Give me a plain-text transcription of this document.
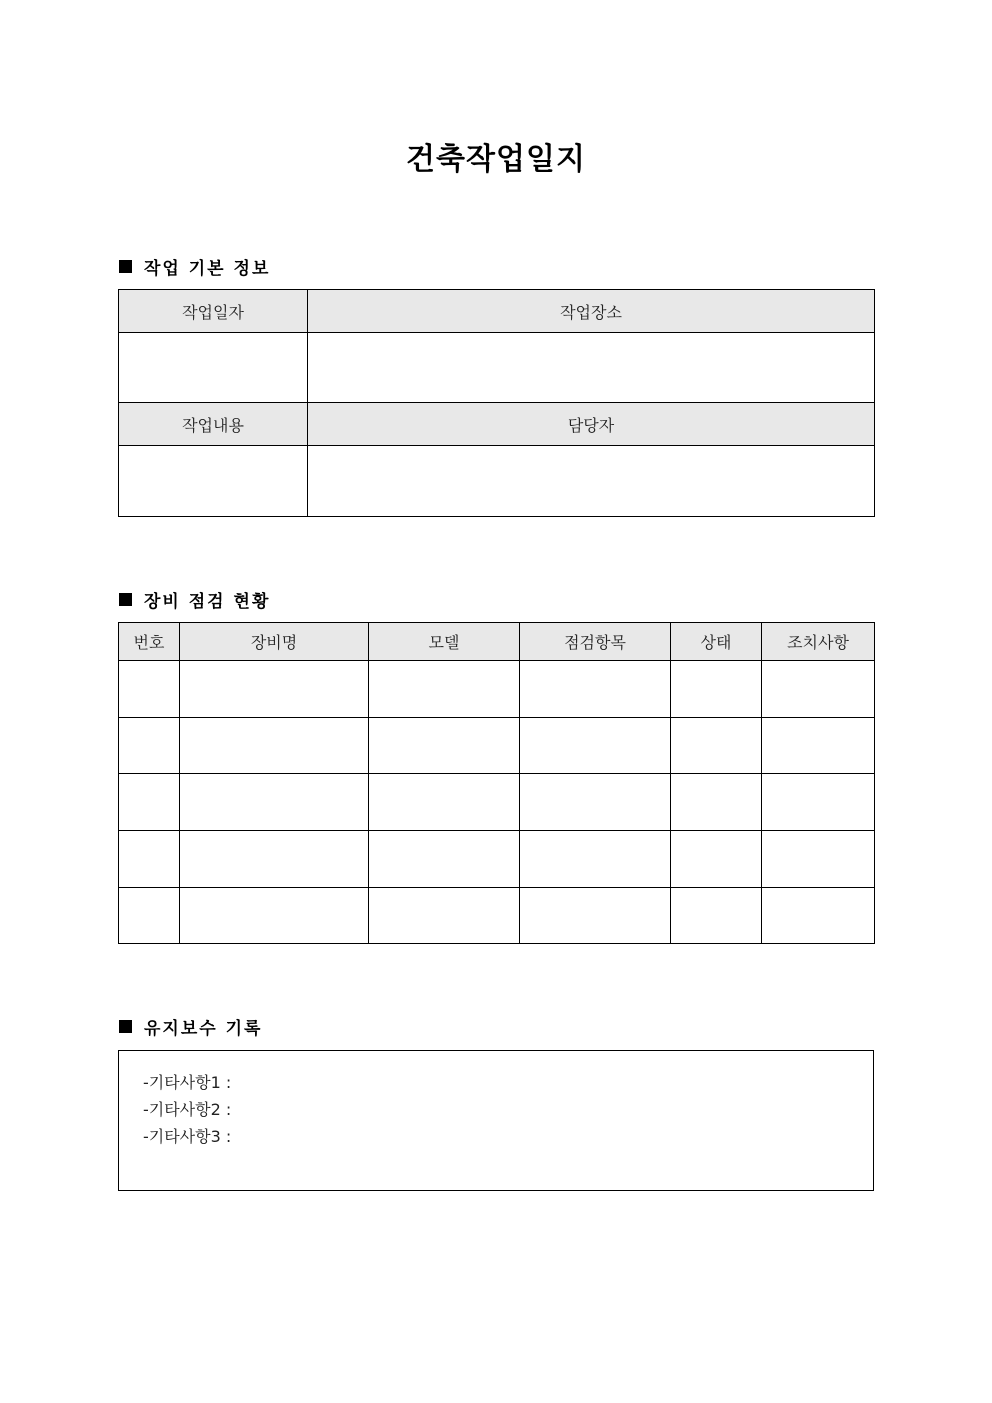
건축작업일지
작업 기본 정보
작업일자	작업장소

작업내용	담당자

장비 점검 현황
번호	장비명	모델	점검항목	상태	조치사항

유지보수 기록
-기타사항1 :
-기타사항2 :
-기타사항3 :
